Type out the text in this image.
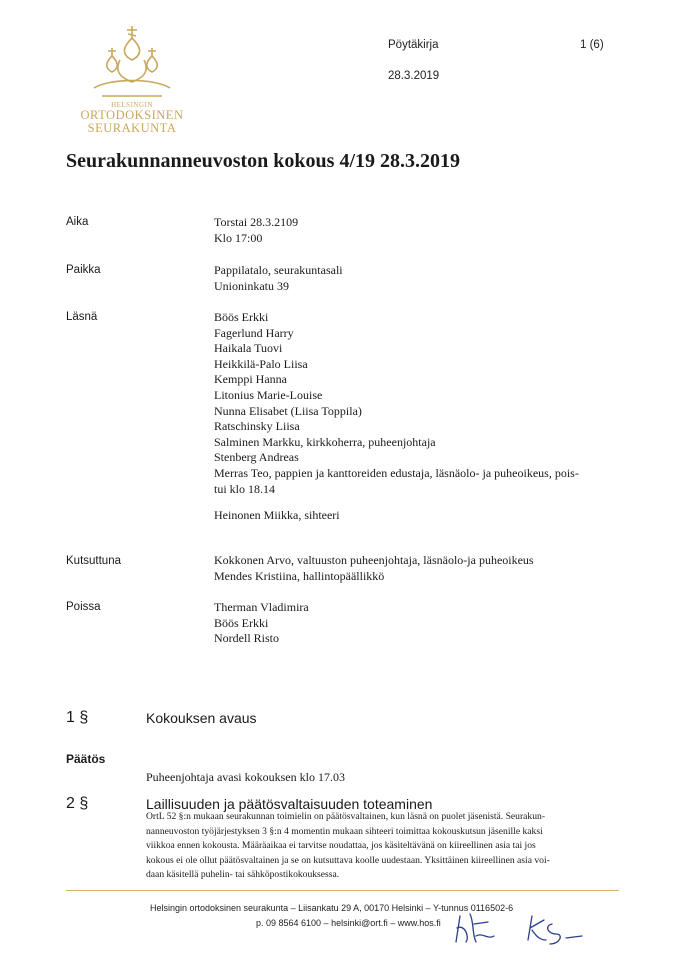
HELSINGIN
ORTODOKSINEN
SEURAKUNTA
Pöytäkirja	1 (6)
28.3.2019
Seurakunnanneuvoston kokous 4/19 28.3.2019
Aika	Torstai 28.3.2109
Klo 17:00
Paikka	Pappilatalo, seurakuntasali
Unioninkatu 39
Läsnä	Böös Erkki
Fagerlund Harry
Haikala Tuovi
Heikkilä-Palo Liisa
Kemppi Hanna
Litonius Marie-Louise
Nunna Elisabet (Liisa Toppila)
Ratschinsky Liisa
Salminen Markku, kirkkoherra, puheenjohtaja
Stenberg Andreas
Merras Teo, pappien ja kanttoreiden edustaja, läsnäolo- ja puheoikeus, pois-
tui klo 18.14
Heinonen Miikka, sihteeri
Kutsuttuna	Kokkonen Arvo, valtuuston puheenjohtaja, läsnäolo-ja puheoikeus
Mendes Kristiina, hallintopäällikkö
Poissa	Therman Vladimira
Böös Erkki
Nordell Risto
1 §	Kokouksen avaus
Päätös
Puheenjohtaja avasi kokouksen klo 17.03
2 §	Laillisuuden ja päätösvaltaisuuden toteaminen
OrtL 52 §:n mukaan seurakunnan toimielin on päätösvaltainen, kun läsnä on puolet jäsenistä. Seurakun-
nanneuvoston työjärjestyksen 3 §:n 4 momentin mukaan sihteeri toimittaa kokouskutsun jäsenille kaksi
viikkoa ennen kokousta. Määräaikaa ei tarvitse noudattaa, jos käsiteltävänä on kiireellinen asia tai jos
kokous ei ole ollut päätösvaltainen ja se on kutsuttava koolle uudestaan. Yksittäinen kiireellinen asia voi-
daan käsitellä puhelin- tai sähköpostikokouksessa.
Helsingin ortodoksinen seurakunta – Liisankatu 29 A, 00170 Helsinki – Y-tunnus 0116502-6
p. 09 8564 6100 – helsinki@ort.fi – www.hos.fi
